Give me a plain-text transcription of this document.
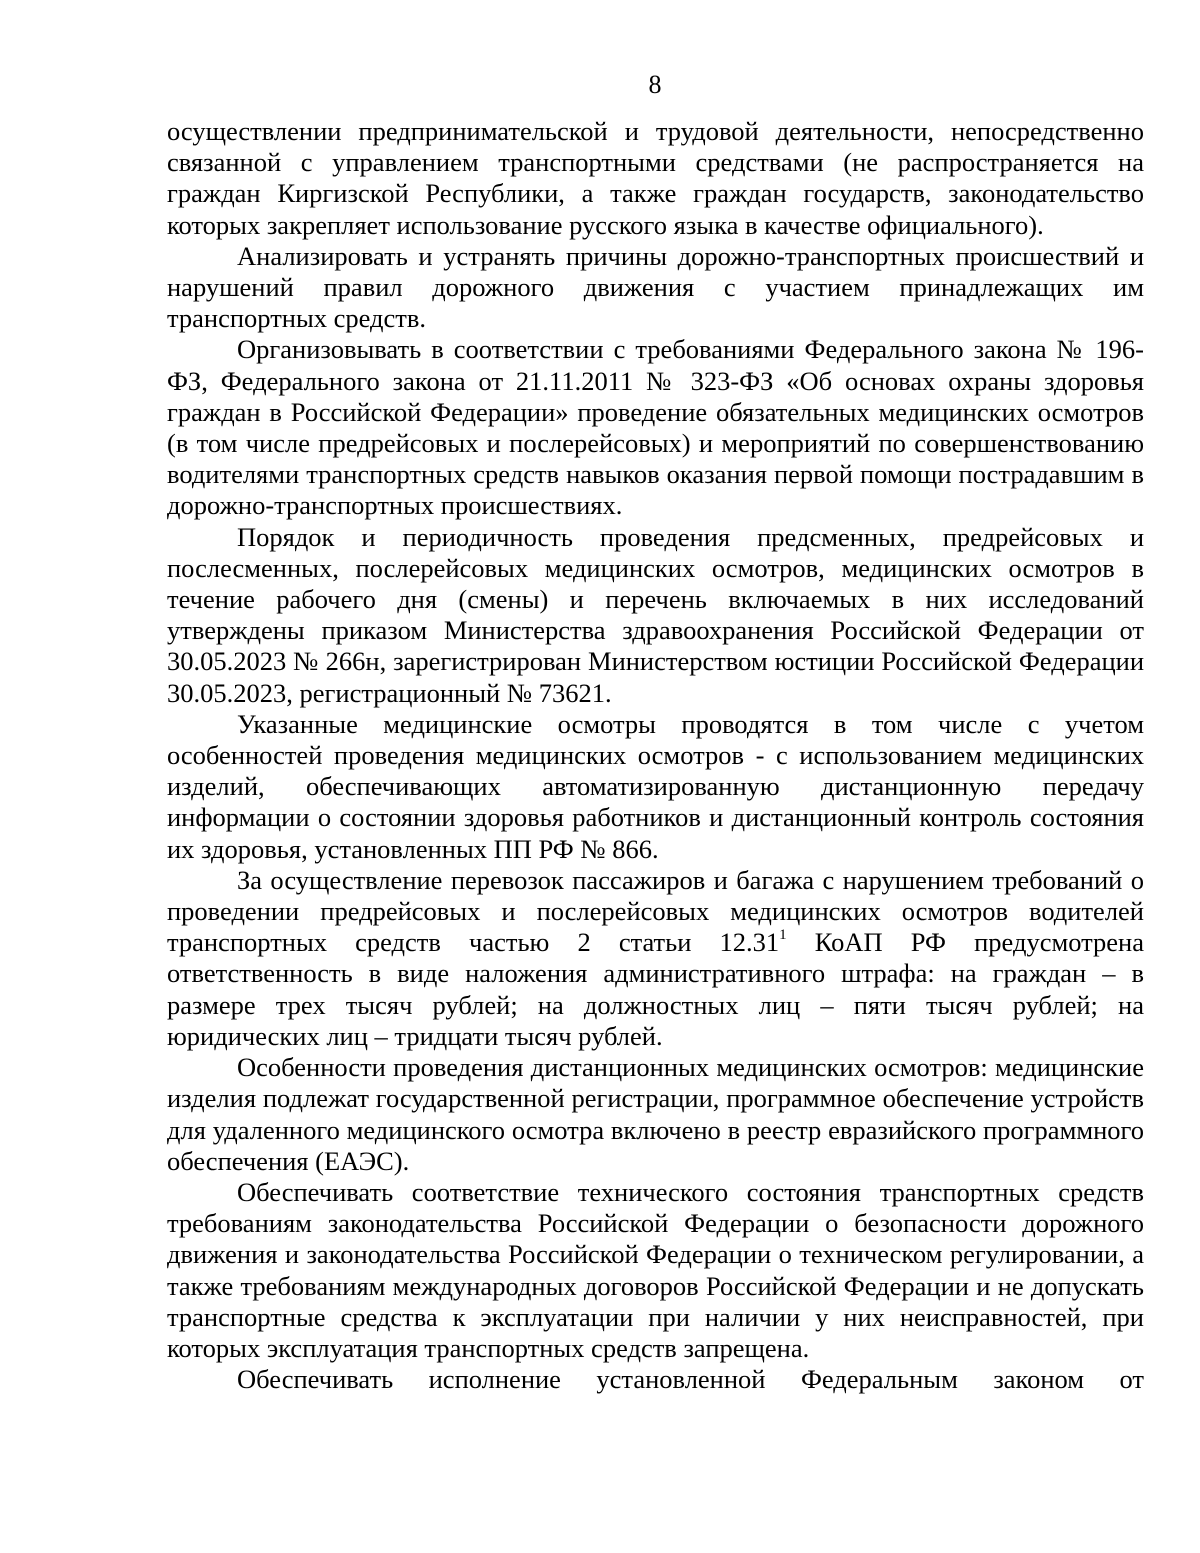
8

осуществлении предпринимательской и трудовой деятельности, непосредственно связанной с управлением транспортными средствами (не распространяется на граждан Киргизской Республики, а также граждан государств, законодательство которых закрепляет использование русского языка в качестве официального).

Анализировать и устранять причины дорожно-транспортных происшествий и нарушений правил дорожного движения с участием принадлежащих им транспортных средств.

Организовывать в соответствии с требованиями Федерального закона № 196-ФЗ, Федерального закона от 21.11.2011 № 323-ФЗ «Об основах охраны здоровья граждан в Российской Федерации» проведение обязательных медицинских осмотров (в том числе предрейсовых и послерейсовых) и мероприятий по совершенствованию водителями транспортных средств навыков оказания первой помощи пострадавшим в дорожно-транспортных происшествиях.

Порядок и периодичность проведения предсменных, предрейсовых и послесменных, послерейсовых медицинских осмотров, медицинских осмотров в течение рабочего дня (смены) и перечень включаемых в них исследований утверждены приказом Министерства здравоохранения Российской Федерации от 30.05.2023 № 266н, зарегистрирован Министерством юстиции Российской Федерации 30.05.2023, регистрационный № 73621.

Указанные медицинские осмотры проводятся в том числе с учетом особенностей проведения медицинских осмотров - с использованием медицинских изделий, обеспечивающих автоматизированную дистанционную передачу информации о состоянии здоровья работников и дистанционный контроль состояния их здоровья, установленных ПП РФ № 866.

За осуществление перевозок пассажиров и багажа с нарушением требований о проведении предрейсовых и послерейсовых медицинских осмотров водителей транспортных средств частью 2 статьи 12.31$^1$ КоАП РФ предусмотрена ответственность в виде наложения административного штрафа: на граждан – в размере трех тысяч рублей; на должностных лиц – пяти тысяч рублей; на юридических лиц – тридцати тысяч рублей.

Особенности проведения дистанционных медицинских осмотров: медицинские изделия подлежат государственной регистрации, программное обеспечение устройств для удаленного медицинского осмотра включено в реестр евразийского программного обеспечения (ЕАЭС).

Обеспечивать соответствие технического состояния транспортных средств требованиям законодательства Российской Федерации о безопасности дорожного движения и законодательства Российской Федерации о техническом регулировании, а также требованиям международных договоров Российской Федерации и не допускать транспортные средства к эксплуатации при наличии у них неисправностей, при которых эксплуатация транспортных средств запрещена.

Обеспечивать исполнение установленной Федеральным законом от
